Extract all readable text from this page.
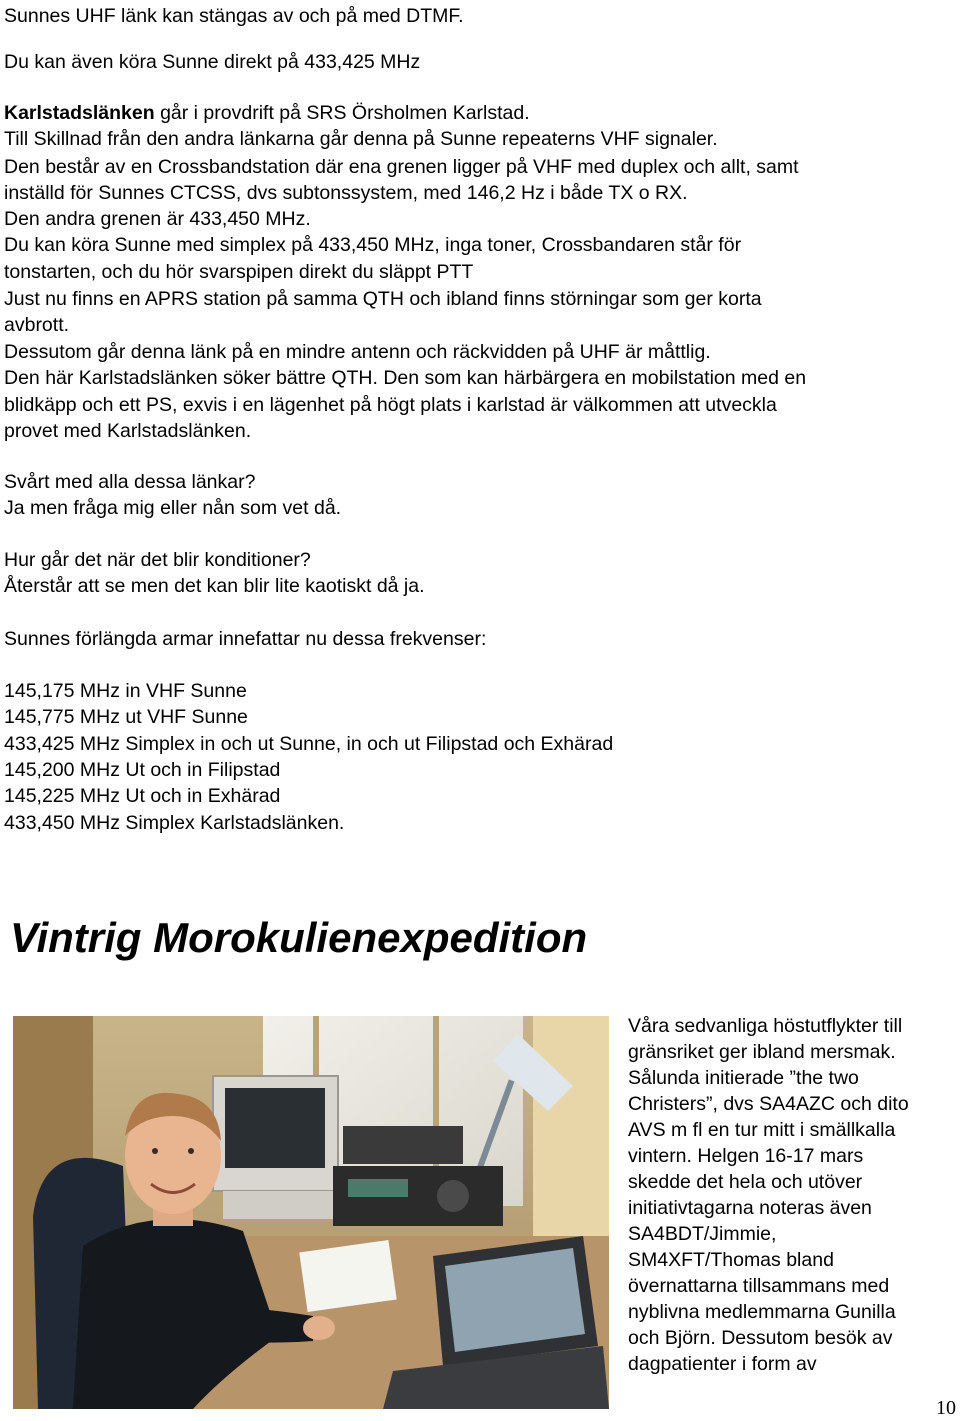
Sunnes UHF länk kan stängas av och på med DTMF.

Du kan även köra Sunne direkt på 433,425 MHz

Karlstadslänken går i provdrift på SRS Örsholmen Karlstad.

Till Skillnad från den andra länkarna går denna på Sunne repeaterns VHF signaler.

Den består av en Crossbandstation där ena grenen ligger på VHF med duplex och allt, samt

inställd för Sunnes CTCSS, dvs subtonssystem, med 146,2 Hz i både TX o RX.

Den andra grenen är 433,450 MHz.

Du kan köra Sunne med simplex på 433,450 MHz, inga toner, Crossbandaren står för

tonstarten, och du hör svarspipen direkt du släppt PTT

Just nu finns en APRS station på samma QTH och ibland finns störningar som ger korta

avbrott.

Dessutom går denna länk på en mindre antenn och räckvidden på UHF är måttlig.

Den här Karlstadslänken söker bättre QTH. Den som kan härbärgera en mobilstation med en

blidkäpp och ett PS, exvis i en lägenhet på högt plats i karlstad är välkommen att utveckla

provet med Karlstadslänken.

Svårt med alla dessa länkar?

Ja men fråga mig eller nån som vet då.

Hur går det när det blir konditioner?

Återstår att se men det kan blir lite kaotiskt då ja.

Sunnes förlängda armar innefattar nu dessa frekvenser:

145,175 MHz in VHF Sunne

145,775 MHz ut VHF Sunne

433,425 MHz Simplex in och ut Sunne, in och ut Filipstad och Exhärad

145,200 MHz Ut och in Filipstad

145,225 MHz Ut och in Exhärad

433,450 MHz Simplex Karlstadslänken.

Vintrig Morokulienexpedition
Våra sedvanliga höstutflykter till
gränsriket ger ibland mersmak.
Sålunda initierade ”the two
Christers”, dvs SA4AZC och dito
AVS m fl en tur mitt i smällkalla
vintern. Helgen 16-17 mars
skedde det hela och utöver
initiativtagarna noteras även
SA4BDT/Jimmie,
SM4XFT/Thomas bland
övernattarna tillsammans med
nyblivna medlemmarna Gunilla
och Björn. Dessutom besök av
dagpatienter i form av
10
